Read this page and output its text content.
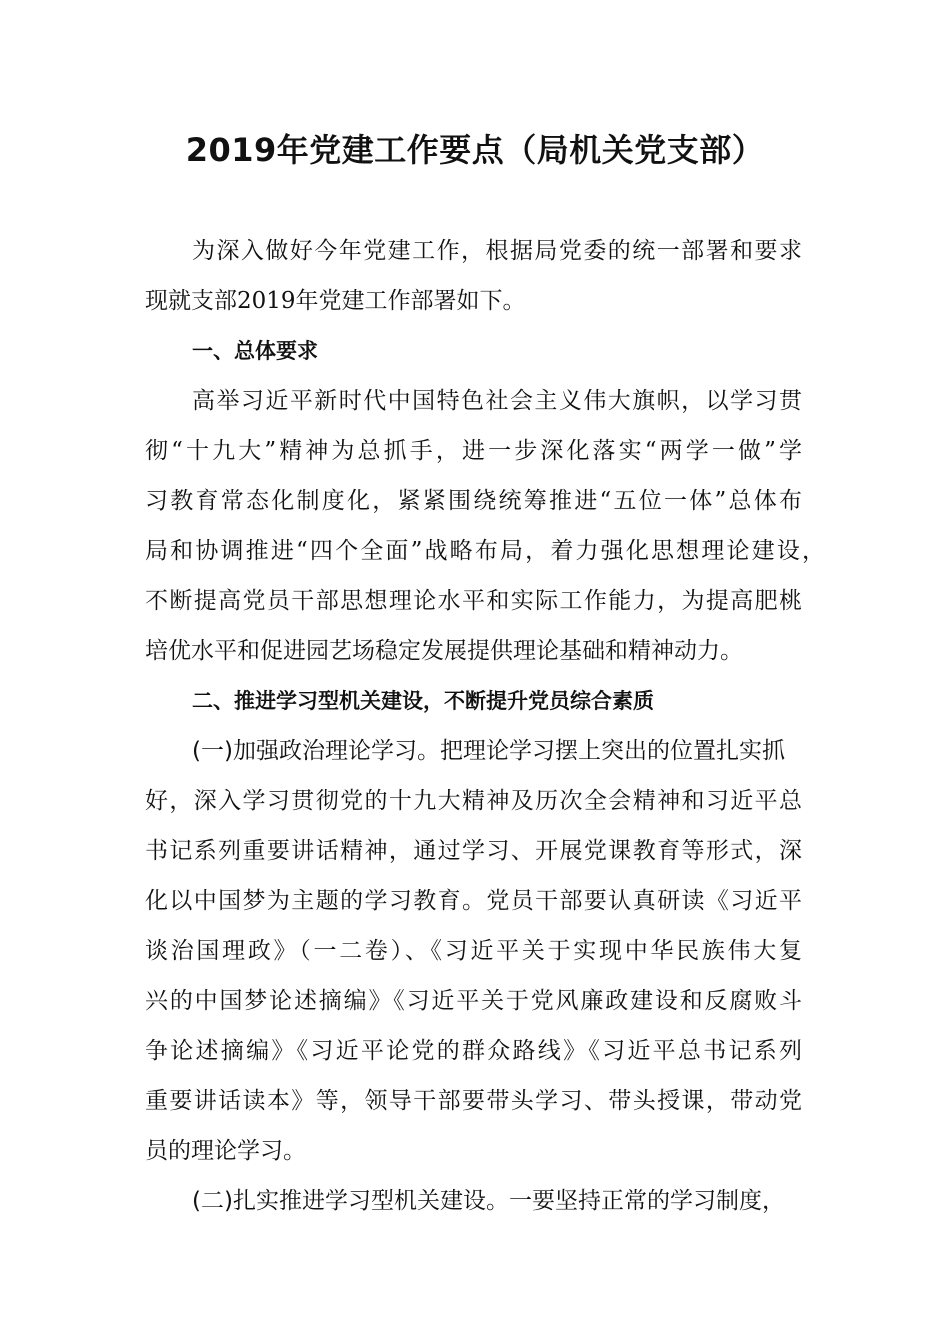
2019年党建工作要点（局机关党支部）
为深入做好今年党建工作，根据局党委的统一部署和要求
现就支部2019年党建工作部署如下。
一、总体要求
高举习近平新时代中国特色社会主义伟大旗帜，以学习贯
彻“十九大”精神为总抓手，进一步深化落实“两学一做”学
习教育常态化制度化，紧紧围绕统筹推进“五位一体”总体布
局和协调推进“四个全面”战略布局，着力强化思想理论建设，
不断提高党员干部思想理论水平和实际工作能力，为提高肥桃
培优水平和促进园艺场稳定发展提供理论基础和精神动力。
二、推进学习型机关建设，不断提升党员综合素质
(一)加强政治理论学习。把理论学习摆上突出的位置扎实抓
好，深入学习贯彻党的十九大精神及历次全会精神和习近平总
书记系列重要讲话精神，通过学习、开展党课教育等形式，深
化以中国梦为主题的学习教育。党员干部要认真研读《习近平
谈治国理政》（一二卷）、《习近平关于实现中华民族伟大复
兴的中国梦论述摘编》《习近平关于党风廉政建设和反腐败斗
争论述摘编》《习近平论党的群众路线》《习近平总书记系列
重要讲话读本》等，领导干部要带头学习、带头授课，带动党
员的理论学习。
(二)扎实推进学习型机关建设。一要坚持正常的学习制度，
